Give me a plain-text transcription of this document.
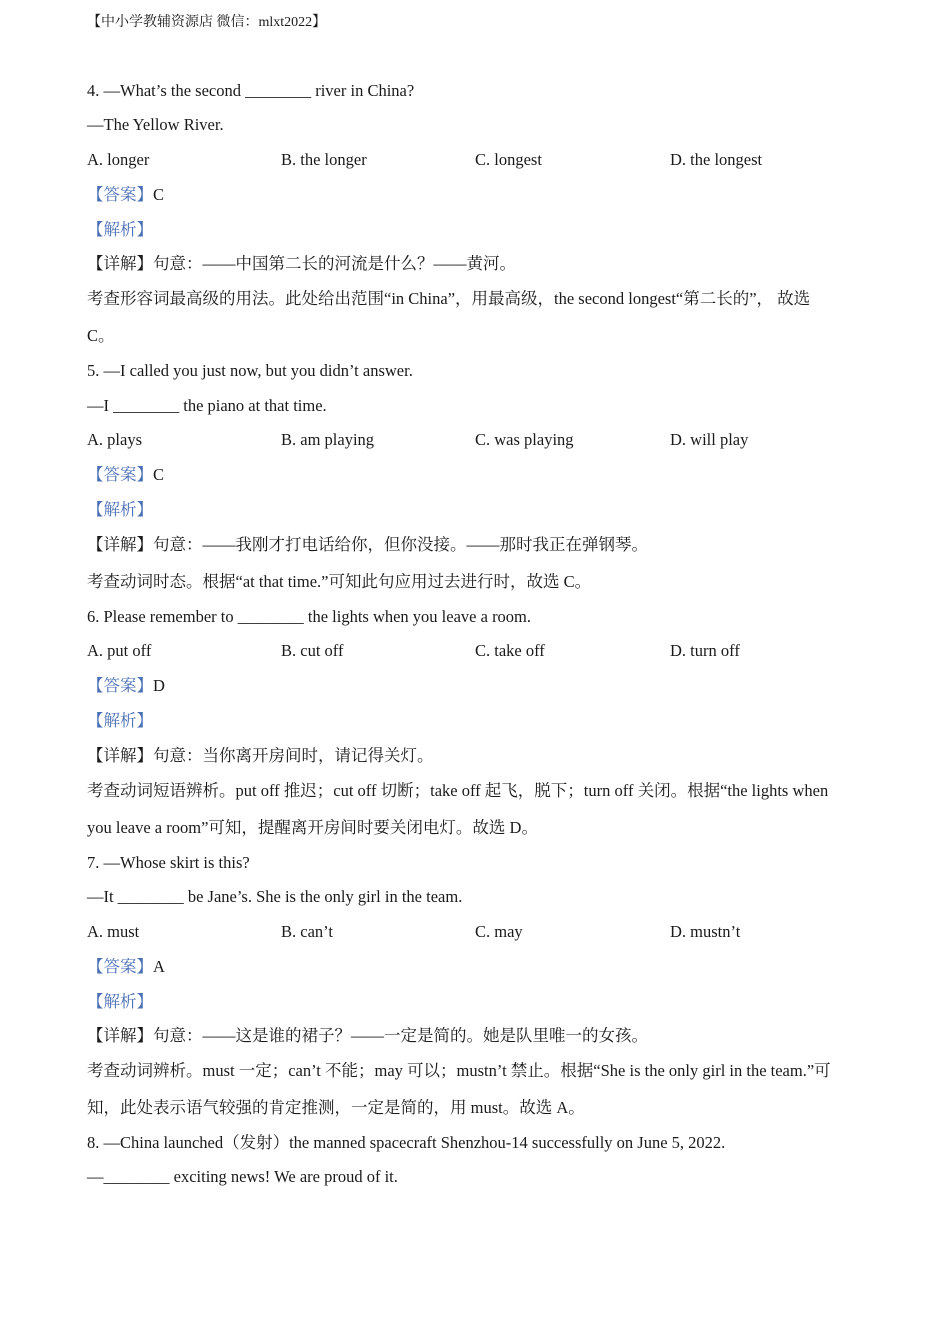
【中小学教辅资源店 微信：mlxt2022】
4. —What’s the second ________ river in China?
—The Yellow River.
A. longer	B. the longer	C. longest	D. the longest
【答案】C
【解析】
【详解】句意：——中国第二长的河流是什么？——黄河。
考查形容词最高级的用法。此处给出范围“in China”，用最高级，the second longest“第二长的”， 故选
C。
5. —I called you just now, but you didn’t answer.
—I ________ the piano at that time.
A. plays	B. am playing	C. was playing	D. will play
【答案】C
【解析】
【详解】句意：——我刚才打电话给你，但你没接。——那时我正在弹钢琴。
考查动词时态。根据“at that time.”可知此句应用过去进行时，故选 C。
6. Please remember to ________ the lights when you leave a room.
A. put off	B. cut off	C. take off	D. turn off
【答案】D
【解析】
【详解】句意：当你离开房间时，请记得关灯。
考查动词短语辨析。put off 推迟；cut off 切断；take off 起飞，脱下；turn off 关闭。根据“the lights when
you leave a room”可知，提醒离开房间时要关闭电灯。故选 D。
7. —Whose skirt is this?
—It ________ be Jane’s. She is the only girl in the team.
A. must	B. can’t	C. may	D. mustn’t
【答案】A
【解析】
【详解】句意：——这是谁的裙子？——一定是简的。她是队里唯一的女孩。
考查动词辨析。must 一定；can’t 不能；may 可以；mustn’t 禁止。根据“She is the only girl in the team.”可
知，此处表示语气较强的肯定推测，一定是简的，用 must。故选 A。
8. —China launched（发射）the manned spacecraft Shenzhou-14 successfully on June 5, 2022.
—________ exciting news! We are proud of it.
